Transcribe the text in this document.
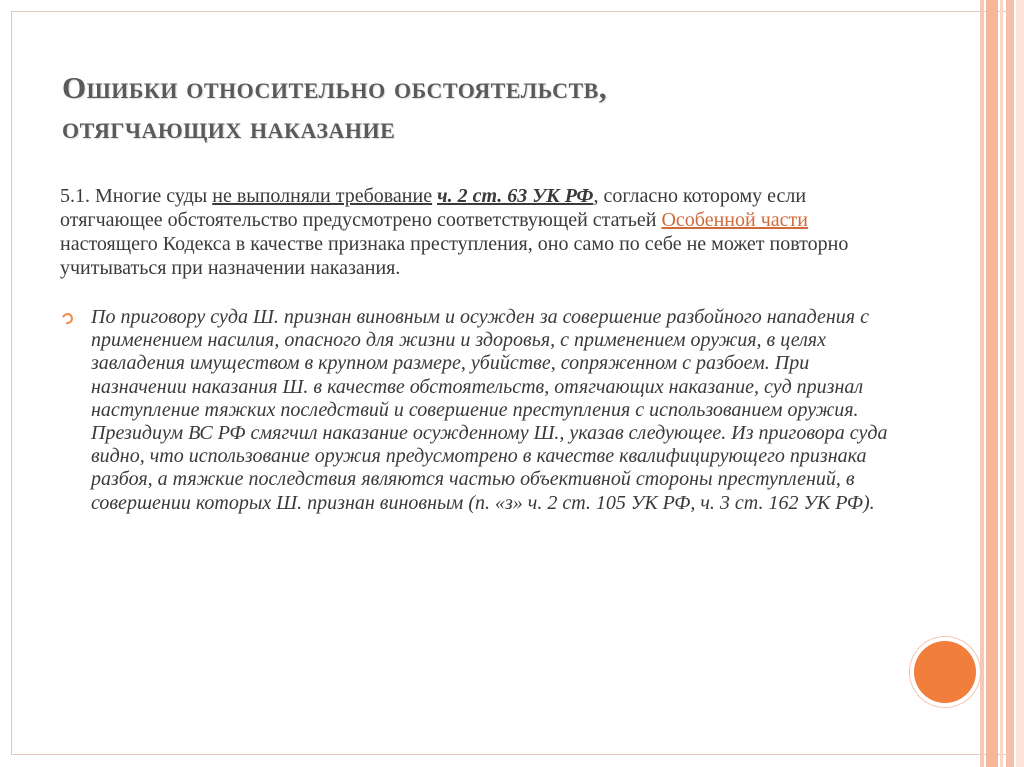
Ошибки относительно обстоятельств,
отягчающих наказание
5.1. Многие суды не выполняли требование ч. 2 ст. 63 УК РФ, согласно которому если отягчающее обстоятельство предусмотрено соответствующей статьей Особенной части настоящего Кодекса в качестве признака преступления, оно само по себе не может повторно учитываться при назначении наказания.
По приговору суда Ш. признан виновным и осужден за совершение разбойного нападения с применением насилия, опасного для жизни и здоровья, с применением оружия, в целях завладения имуществом в крупном размере, убийстве, сопряженном с разбоем. При назначении наказания Ш. в качестве обстоятельств, отягчающих наказание, суд признал наступление тяжких последствий и совершение преступления с использованием оружия. Президиум ВС РФ смягчил наказание осужденному Ш., указав следующее. Из приговора суда видно, что использование оружия предусмотрено в качестве квалифицирующего признака разбоя, а тяжкие последствия являются частью объективной стороны преступлений, в совершении которых Ш. признан виновным (п. «з» ч. 2 ст. 105 УК РФ, ч. 3 ст. 162 УК РФ).
